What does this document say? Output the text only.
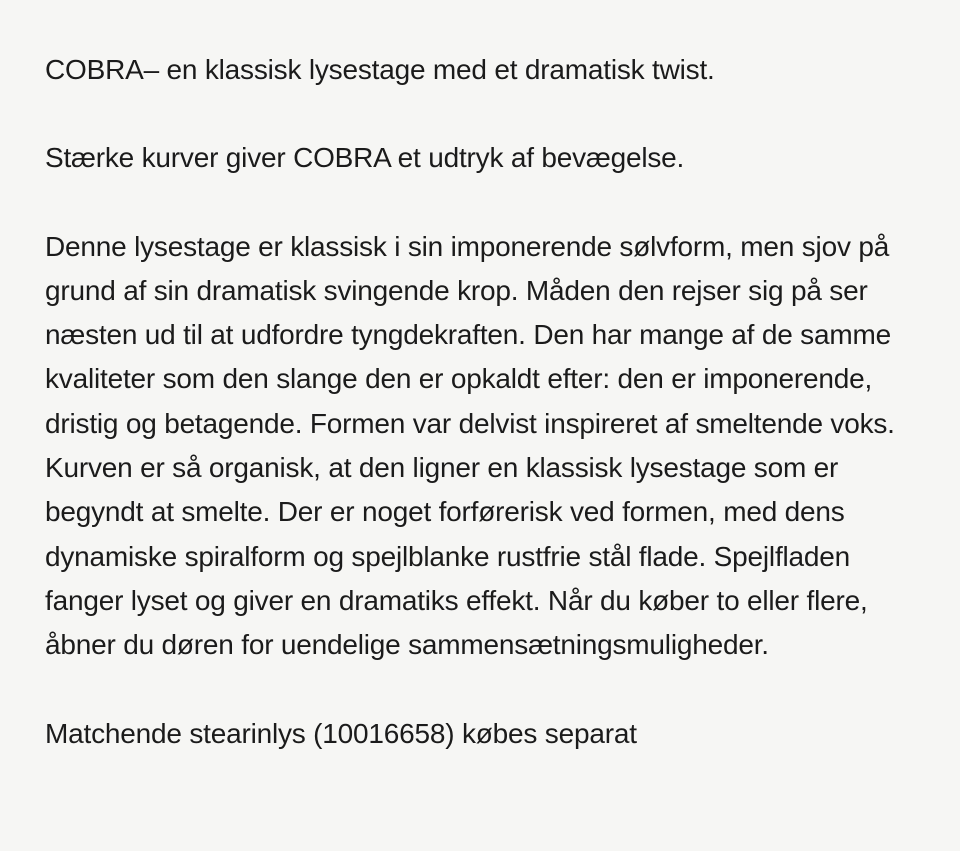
COBRA– en klassisk lysestage med et dramatisk twist.

Stærke kurver giver COBRA et udtryk af bevægelse.

Denne lysestage er klassisk i sin imponerende sølvform, men sjov på grund af sin dramatisk svingende krop. Måden den rejser sig på ser næsten ud til at udfordre tyngdekraften. Den har mange af de samme kvaliteter som den slange den er opkaldt efter: den er imponerende, dristig og betagende. Formen var delvist inspireret af smeltende voks. Kurven er så organisk, at den ligner en klassisk lysestage som er begyndt at smelte. Der er noget forførerisk ved formen, med dens dynamiske spiralform og spejlblanke rustfrie stål flade. Spejlfladen fanger lyset og giver en dramatiks effekt. Når du køber to eller flere, åbner du døren for uendelige sammensætningsmuligheder.

Matchende stearinlys (10016658) købes separat
